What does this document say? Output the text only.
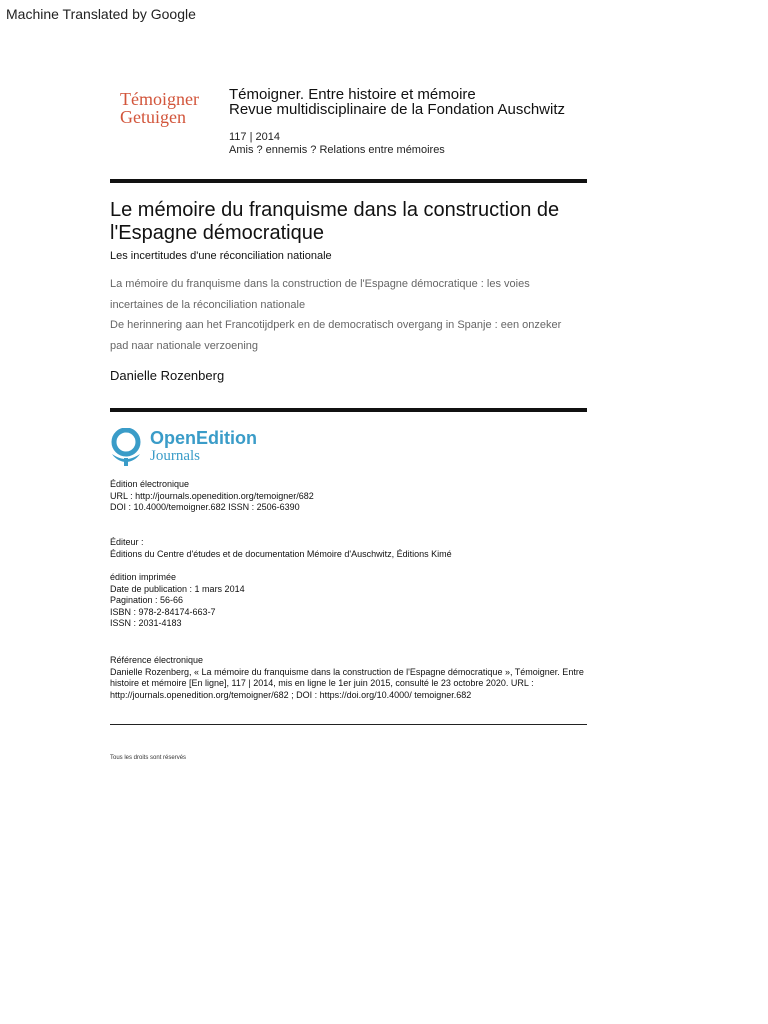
Machine Translated by Google
Témoigner
Getuigen
Témoigner. Entre histoire et mémoire
Revue multidisciplinaire de la Fondation Auschwitz
117 | 2014
Amis ? ennemis ? Relations entre mémoires
Le mémoire du franquisme dans la construction de l'Espagne démocratique
Les incertitudes d'une réconciliation nationale
La mémoire du franquisme dans la construction de l'Espagne démocratique : les voies incertaines de la réconciliation nationale
De herinnering aan het Francotijdperk en de democratisch overgang in Spanje : een onzeker pad naar nationale verzoening
Danielle Rozenberg
OpenEdition
Journals
Édition électronique
URL : http://journals.openedition.org/temoigner/682
DOI : 10.4000/temoigner.682 ISSN : 2506-6390
Éditeur :
Éditions du Centre d'études et de documentation Mémoire d'Auschwitz, Éditions Kimé
édition imprimée
Date de publication : 1 mars 2014
Pagination : 56-66
ISBN : 978-2-84174-663-7
ISSN : 2031-4183
Référence électronique
Danielle Rozenberg, « La mémoire du franquisme dans la construction de l'Espagne démocratique », Témoigner. Entre histoire et mémoire [En ligne], 117 | 2014, mis en ligne le 1er juin 2015, consulté le 23 octobre 2020. URL : http://journals.openedition.org/temoigner/682 ; DOI : https://doi.org/10.4000/ temoigner.682
Tous les droits sont réservés
